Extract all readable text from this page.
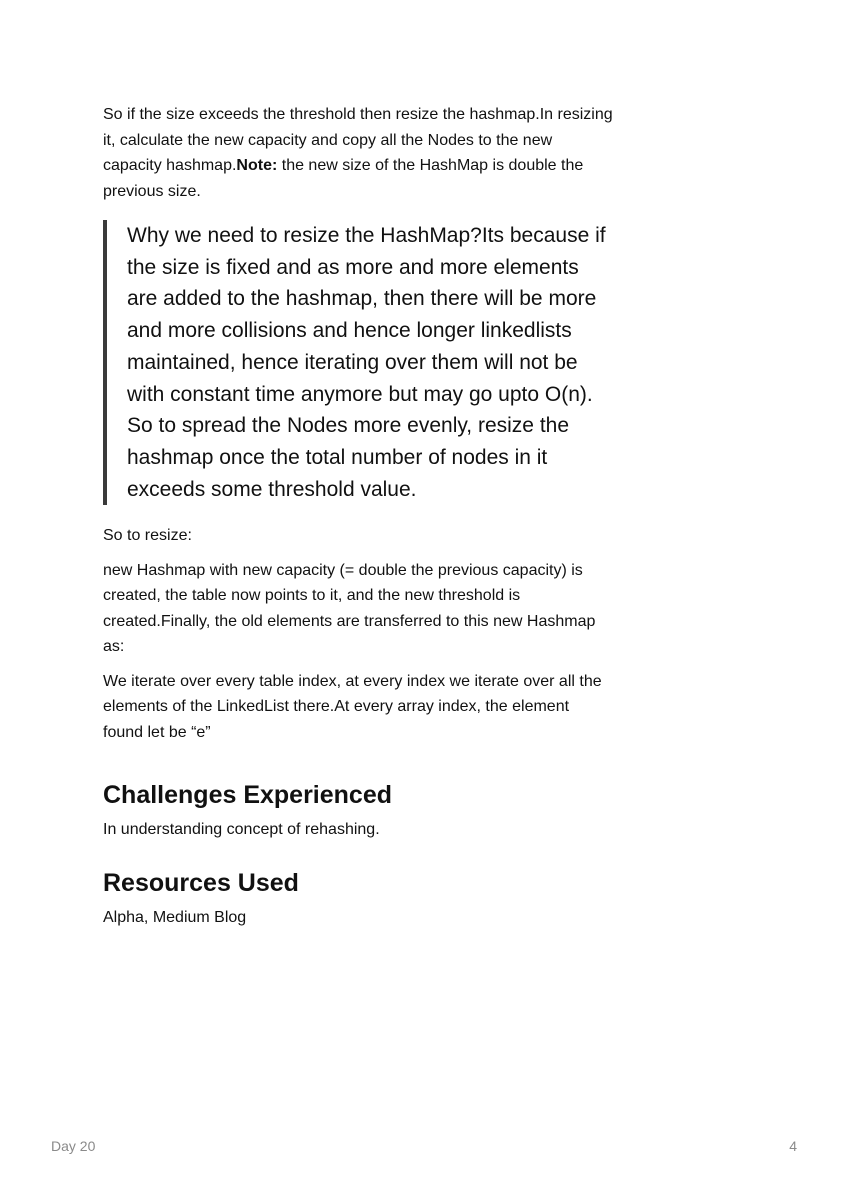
So if the size exceeds the threshold then resize the hashmap.In resizing it, calculate the new capacity and copy all the Nodes to the new capacity hashmap.Note: the new size of the HashMap is double the previous size.

Why we need to resize the HashMap?Its because if the size is fixed and as more and more elements are added to the hashmap, then there will be more and more collisions and hence longer linkedlists maintained, hence iterating over them will not be with constant time anymore but may go upto O(n). So to spread the Nodes more evenly, resize the hashmap once the total number of nodes in it exceeds some threshold value.

So to resize:

new Hashmap with new capacity (= double the previous capacity) is created, the table now points to it, and the new threshold is created.Finally, the old elements are transferred to this new Hashmap as:

We iterate over every table index, at every index we iterate over all the elements of the LinkedList there.At every array index, the element found let be “e”

Challenges Experienced

In understanding concept of rehashing.

Resources Used

Alpha, Medium Blog

Day 20	4
